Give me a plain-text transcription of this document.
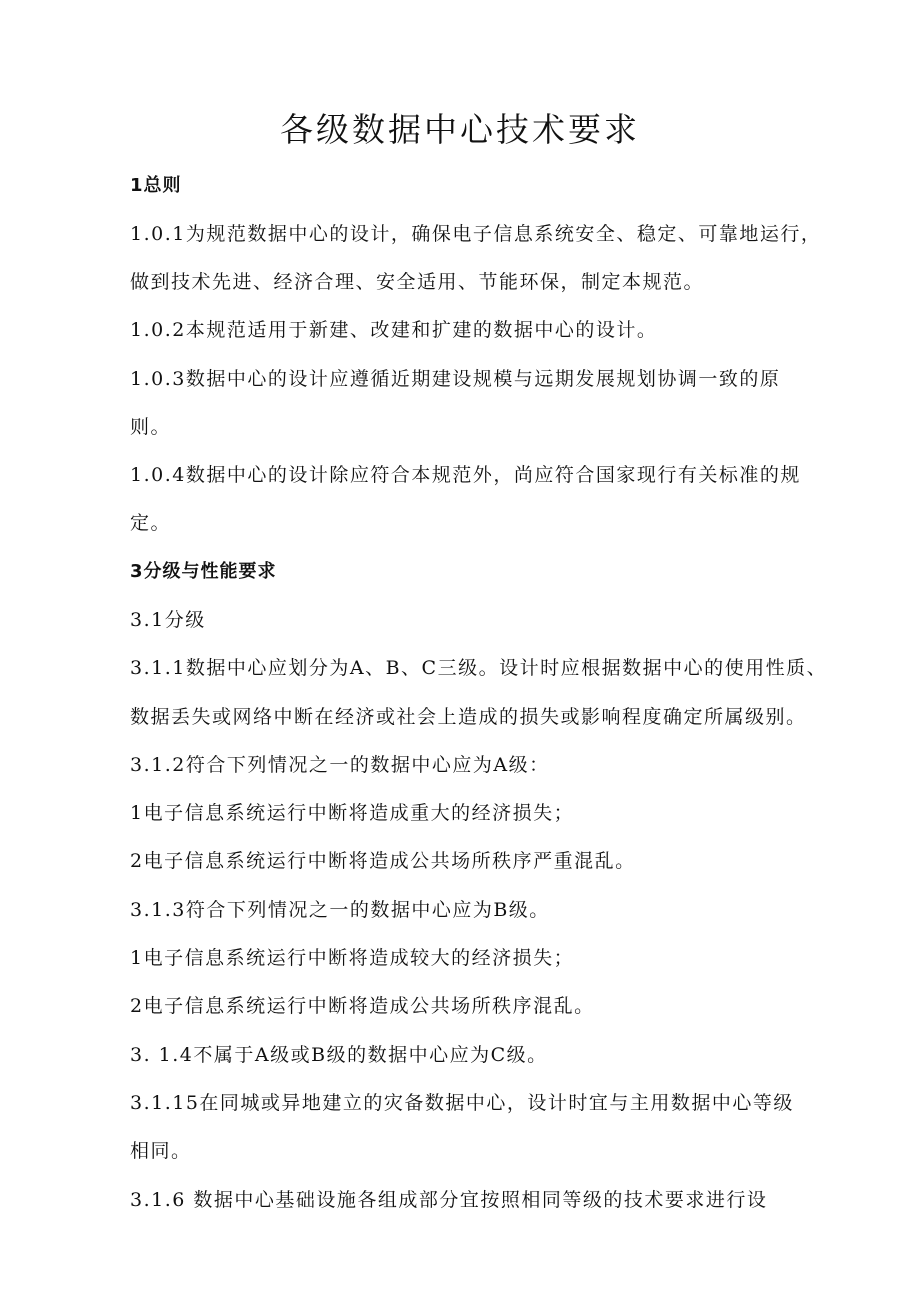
各级数据中心技术要求

1总则

1.0.1为规范数据中心的设计，确保电子信息系统安全、稳定、可靠地运行，

做到技术先进、经济合理、安全适用、节能环保，制定本规范。

1.0.2本规范适用于新建、改建和扩建的数据中心的设计。

1.0.3数据中心的设计应遵循近期建设规模与远期发展规划协调一致的原

则。

1.0.4数据中心的设计除应符合本规范外，尚应符合国家现行有关标准的规

定。

3分级与性能要求

3.1分级

3.1.1数据中心应划分为A、B、C三级。设计时应根据数据中心的使用性质、

数据丢失或网络中断在经济或社会上造成的损失或影响程度确定所属级别。

3.1.2符合下列情况之一的数据中心应为A级：

1电子信息系统运行中断将造成重大的经济损失；

2电子信息系统运行中断将造成公共场所秩序严重混乱。

3.1.3符合下列情况之一的数据中心应为B级。

1电子信息系统运行中断将造成较大的经济损失；

2电子信息系统运行中断将造成公共场所秩序混乱。

3. 1.4不属于A级或B级的数据中心应为C级。

3.1.15在同城或异地建立的灾备数据中心，设计时宜与主用数据中心等级

相同。

3.1.6 数据中心基础设施各组成部分宜按照相同等级的技术要求进行设
